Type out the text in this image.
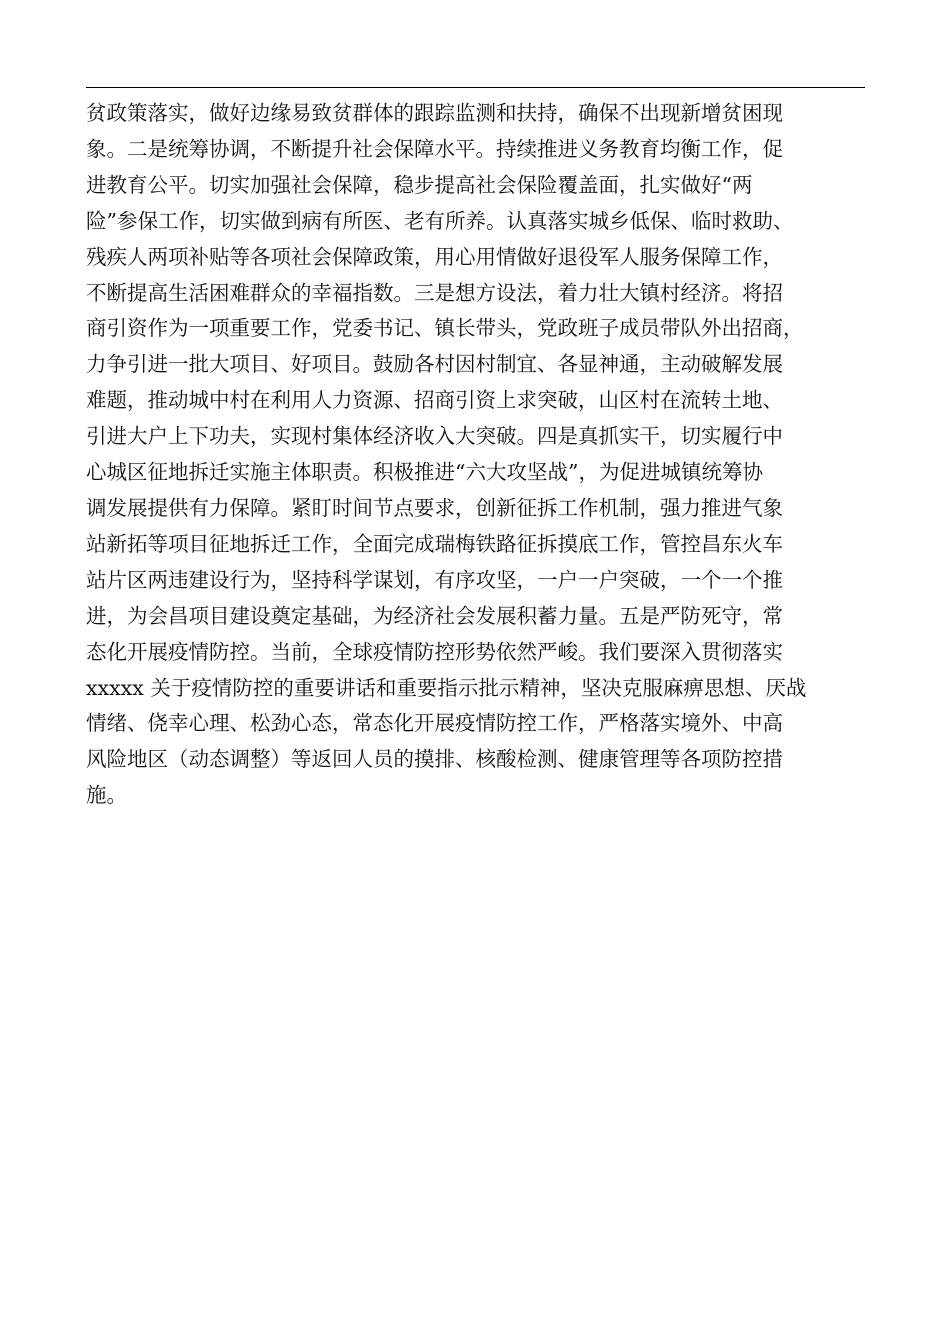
贫政策落实，做好边缘易致贫群体的跟踪监测和扶持，确保不出现新增贫困现
象。二是统筹协调，不断提升社会保障水平。持续推进义务教育均衡工作，促
进教育公平。切实加强社会保障，稳步提高社会保险覆盖面，扎实做好“两
险”参保工作，切实做到病有所医、老有所养。认真落实城乡低保、临时救助、
残疾人两项补贴等各项社会保障政策，用心用情做好退役军人服务保障工作，
不断提高生活困难群众的幸福指数。三是想方设法，着力壮大镇村经济。将招
商引资作为一项重要工作，党委书记、镇长带头，党政班子成员带队外出招商，
力争引进一批大项目、好项目。鼓励各村因村制宜、各显神通，主动破解发展
难题，推动城中村在利用人力资源、招商引资上求突破，山区村在流转土地、
引进大户上下功夫，实现村集体经济收入大突破。四是真抓实干，切实履行中
心城区征地拆迁实施主体职责。积极推进“六大攻坚战”，为促进城镇统筹协
调发展提供有力保障。紧盯时间节点要求，创新征拆工作机制，强力推进气象
站新拓等项目征地拆迁工作，全面完成瑞梅铁路征拆摸底工作，管控昌东火车
站片区两违建设行为，坚持科学谋划，有序攻坚，一户一户突破，一个一个推
进，为会昌项目建设奠定基础，为经济社会发展积蓄力量。五是严防死守，常
态化开展疫情防控。当前，全球疫情防控形势依然严峻。我们要深入贯彻落实
xxxxx 关于疫情防控的重要讲话和重要指示批示精神，坚决克服麻痹思想、厌战
情绪、侥幸心理、松劲心态，常态化开展疫情防控工作，严格落实境外、中高
风险地区（动态调整）等返回人员的摸排、核酸检测、健康管理等各项防控措
施。
